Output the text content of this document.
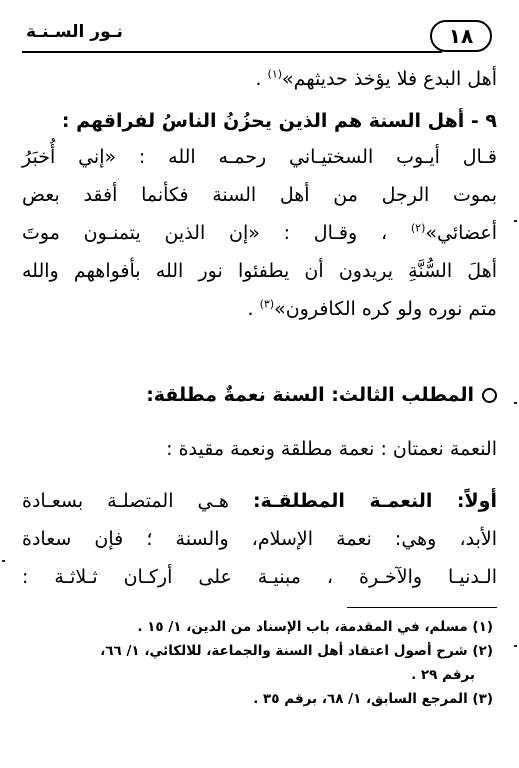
١٨
نـور السـنـة

أهل البدع فلا يؤخذ حديثهم»$^{(١)}$ .

٩ - أهل السنة هم الذين يحزُنُ الناسُ لفراقهم :

قـال أيـوب السختيـاني رحمـه الله : «إني أُخبَرُ

بموت الرجل من أهل السنة فكأنما أفقد بعض

أعضائي»$^{(٢)}$ ، وقـال : «إن الذين يتمنـون موتَ

أهلَ السُّنَّةِ يريدون أن يطفئوا نور الله بأفواههم والله

متم نوره ولو كره الكافرون»$^{(٣)}$ .

المطلب الثالث: السنة نعمةٌ مطلقة:

النعمة نعمتان : نعمة مطلقة ونعمة مقيدة :

أولاً: النعمـة المطلقـة: هـي المتصلـة بسعـادة

الأبد، وهي: نعمة الإسلام، والسنة ؛ فإن سعادة

الـدنيـا والآخـرة ، مبنيـة على أركـان ثـلاثـة :

(١) مسلم، في المقدمة، باب الإسناد من الدين، ١/ ١٥ .

(٢) شرح أصول اعتقاد أهل السنة والجماعة، للالكائي، ١/ ٦٦،

برقم ٢٩ .

(٣) المرجع السابق، ١/ ٦٨، برقم ٣٥ .
